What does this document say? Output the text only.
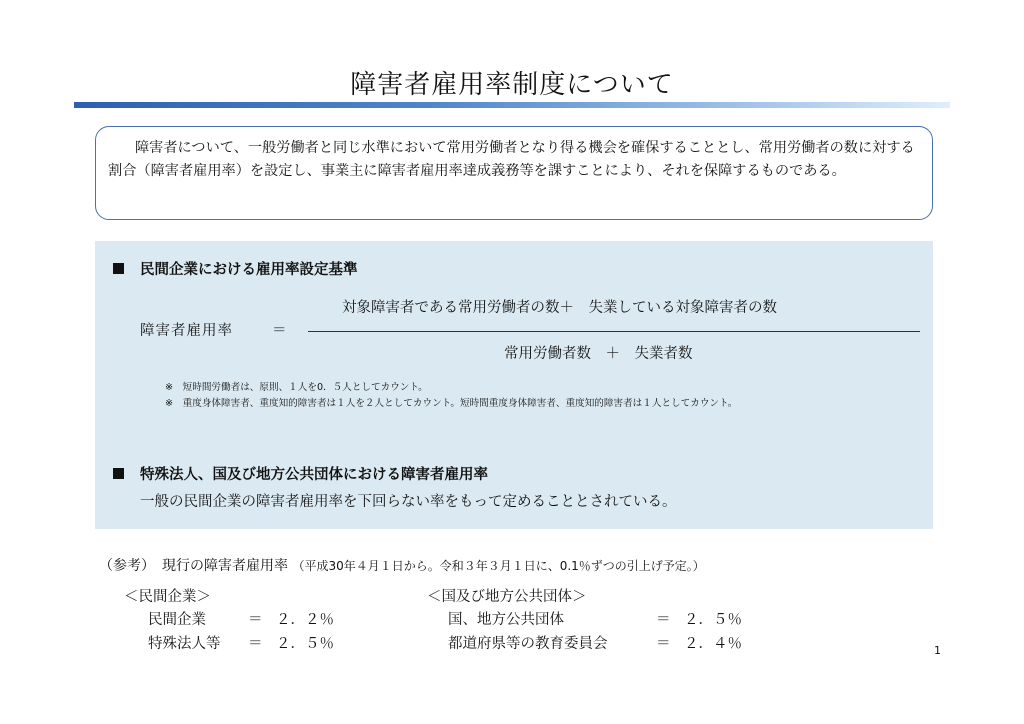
障害者雇用率制度について

障害者について、一般労働者と同じ水準において常用労働者となり得る機会を確保することとし、常用労働者の数に対する割合（障害者雇用率）を設定し、事業主に障害者雇用率達成義務等を課すことにより、それを保障するものである。

民間企業における雇用率設定基準
対象障害者である常用労働者の数＋　失業している対象障害者の数
障害者雇用率	＝
常用労働者数　＋　失業者数
※　短時間労働者は、原則、１人を0．５人としてカウント。
※　重度身体障害者、重度知的障害者は１人を２人としてカウント。短時間重度身体障害者、重度知的障害者は１人としてカウント。
特殊法人、国及び地方公共団体における障害者雇用率
一般の民間企業の障害者雇用率を下回らない率をもって定めることとされている。
（参考）　現行の障害者雇用率 （平成30年４月１日から。令和３年３月１日に、0.1％ずつの引上げ予定。）
＜民間企業＞
民間企業	＝ ２．２％
特殊法人等 ＝ ２．５％
＜国及び地方公共団体＞
国、地方公共団体	＝ ２．５％
都道府県等の教育委員会	＝ ２．４％	1
